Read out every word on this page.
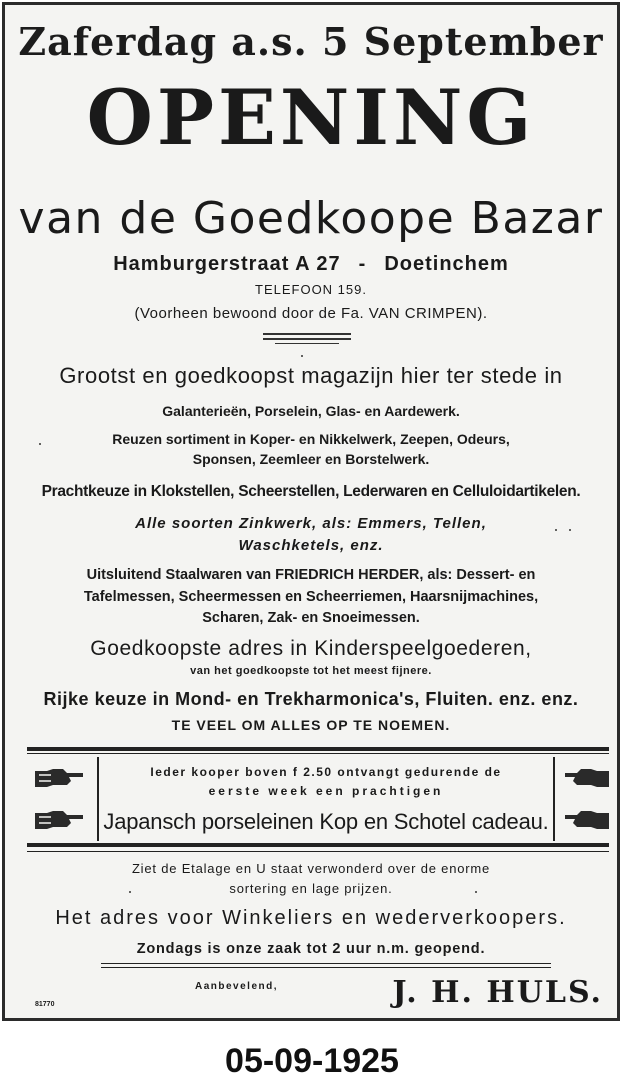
Zaferdag a.s. 5 September
OPENING
van de Goedkoope Bazar
Hamburgerstraat A 27 - Doetinchem
TELEFOON 159.
(Voorheen bewoond door de Fa. VAN CRIMPEN).
Grootst en goedkoopst magazijn hier ter stede in
Galanterieën, Porselein, Glas- en Aardewerk.
Reuzen sortiment in Koper- en Nikkelwerk, Zeepen, Odeurs,
Sponsen, Zeemleer en Borstelwerk.
Prachtkeuze in Klokstellen, Scheerstellen, Lederwaren en Celluloidartikelen.
Alle soorten Zinkwerk, als: Emmers, Tellen,
Waschketels, enz.
Uitsluitend Staalwaren van FRIEDRICH HERDER, als: Dessert- en
Tafelmessen, Scheermessen en Scheerriemen, Haarsnijmachines,
Scharen, Zak- en Snoeimessen.
Goedkoopste adres in Kinderspeelgoederen,
van het goedkoopste tot het meest fijnere.
Rijke keuze in Mond- en Trekharmonica's, Fluiten. enz. enz.
TE VEEL OM ALLES OP TE NOEMEN.
Ieder kooper boven f 2.50 ontvangt gedurende de
eerste week een prachtigen
Japansch porseleinen Kop en Schotel cadeau.
Ziet de Etalage en U staat verwonderd over de enorme
sortering en lage prijzen.
Het adres voor Winkeliers en wederverkoopers.
Zondags is onze zaak tot 2 uur n.m. geopend.
Aanbevelend,	J. H. HULS.
81770
05-09-1925
